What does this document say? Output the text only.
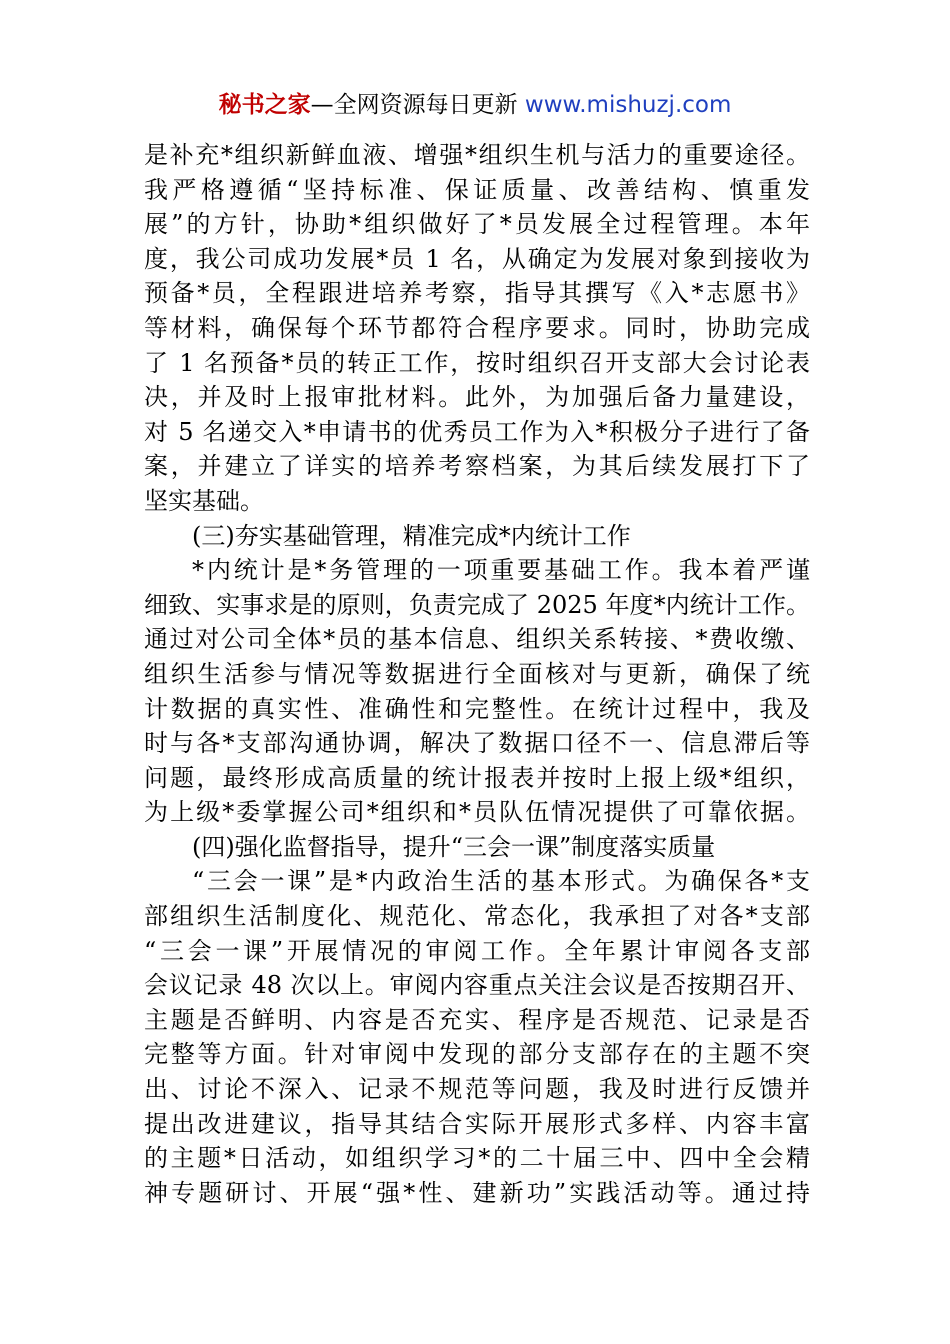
秘书之家—全网资源每日更新 www.mishuzj.com
是补充*组织新鲜血液、增强*组织生机与活力的重要途径。
我严格遵循“坚持标准、保证质量、改善结构、慎重发
展”的方针，协助*组织做好了*员发展全过程管理。本年
度，我公司成功发展*员 1 名，从确定为发展对象到接收为
预备*员，全程跟进培养考察，指导其撰写《入*志愿书》
等材料，确保每个环节都符合程序要求。同时，协助完成
了 1 名预备*员的转正工作，按时组织召开支部大会讨论表
决，并及时上报审批材料。此外，为加强后备力量建设，
对 5 名递交入*申请书的优秀员工作为入*积极分子进行了备
案，并建立了详实的培养考察档案，为其后续发展打下了
坚实基础。
(三)夯实基础管理，精准完成*内统计工作
*内统计是*务管理的一项重要基础工作。我本着严谨
细致、实事求是的原则，负责完成了 2025 年度*内统计工作。
通过对公司全体*员的基本信息、组织关系转接、*费收缴、
组织生活参与情况等数据进行全面核对与更新，确保了统
计数据的真实性、准确性和完整性。在统计过程中，我及
时与各*支部沟通协调，解决了数据口径不一、信息滞后等
问题，最终形成高质量的统计报表并按时上报上级*组织，
为上级*委掌握公司*组织和*员队伍情况提供了可靠依据。
(四)强化监督指导，提升“三会一课”制度落实质量
“三会一课”是*内政治生活的基本形式。为确保各*支
部组织生活制度化、规范化、常态化，我承担了对各*支部
“三会一课”开展情况的审阅工作。全年累计审阅各支部
会议记录 48 次以上。审阅内容重点关注会议是否按期召开、
主题是否鲜明、内容是否充实、程序是否规范、记录是否
完整等方面。针对审阅中发现的部分支部存在的主题不突
出、讨论不深入、记录不规范等问题，我及时进行反馈并
提出改进建议，指导其结合实际开展形式多样、内容丰富
的主题*日活动，如组织学习*的二十届三中、四中全会精
神专题研讨、开展“强*性、建新功”实践活动等。通过持
